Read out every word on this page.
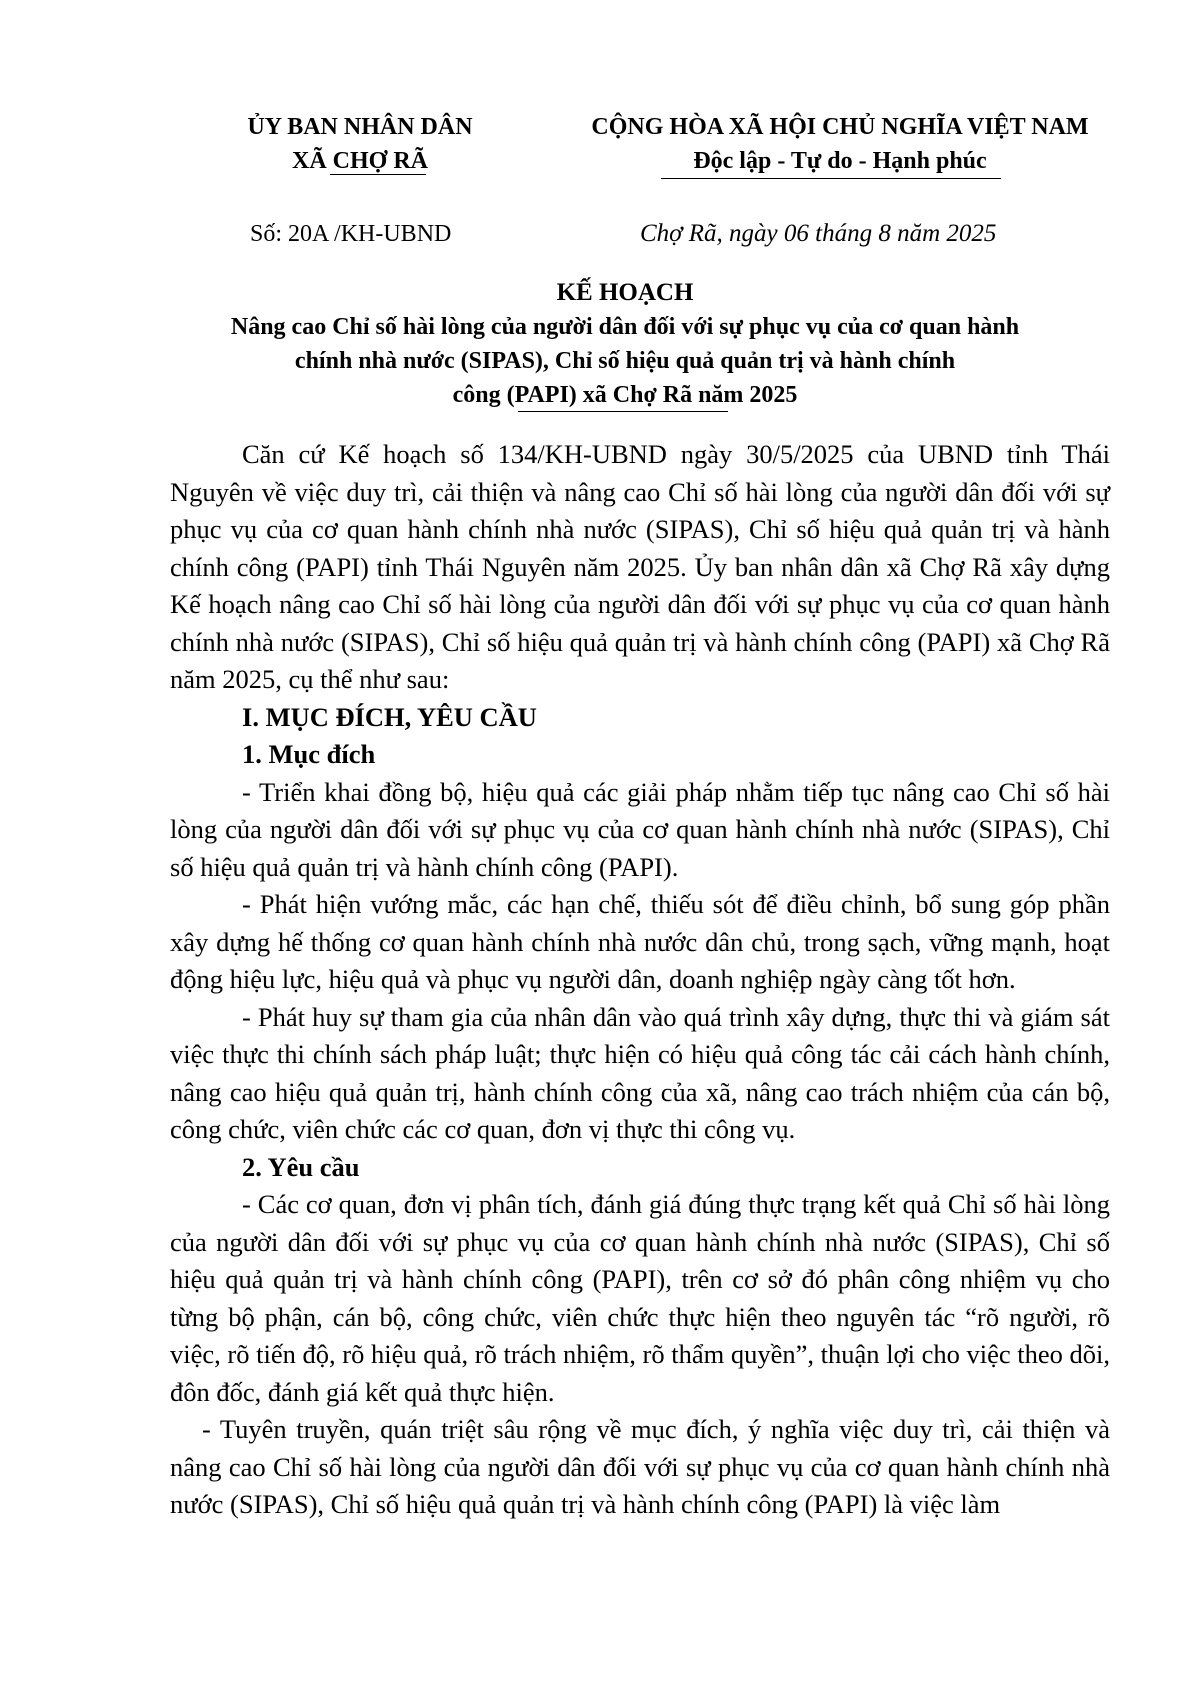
ỦY BAN NHÂN DÂN

XÃ CHỢ RÃ
CỘNG HÒA XÃ HỘI CHỦ NGHĨA VIỆT NAM

Độc lập - Tự do - Hạnh phúc
Số: 20A /KH-UBND	Chợ Rã, ngày 06 tháng 8 năm 2025
KẾ HOẠCH
Nâng cao Chỉ số hài lòng của người dân đối với sự phục vụ của cơ quan hành
chính nhà nước (SIPAS), Chỉ số hiệu quả quản trị và hành chính
công (PAPI) xã Chợ Rã năm 2025

Căn cứ Kế hoạch số 134/KH-UBND ngày 30/5/2025 của UBND tỉnh Thái Nguyên về việc duy trì, cải thiện và nâng cao Chỉ số hài lòng của người dân đối với sự phục vụ của cơ quan hành chính nhà nước (SIPAS), Chỉ số hiệu quả quản trị và hành chính công (PAPI) tỉnh Thái Nguyên năm 2025. Ủy ban nhân dân xã Chợ Rã xây dựng Kế hoạch nâng cao Chỉ số hài lòng của người dân đối với sự phục vụ của cơ quan hành chính nhà nước (SIPAS), Chỉ số hiệu quả quản trị và hành chính công (PAPI) xã Chợ Rã năm 2025, cụ thể như sau:

I. MỤC ĐÍCH, YÊU CẦU

1. Mục đích

- Triển khai đồng bộ, hiệu quả các giải pháp nhằm tiếp tục nâng cao Chỉ số hài lòng của người dân đối với sự phục vụ của cơ quan hành chính nhà nước (SIPAS), Chỉ số hiệu quả quản trị và hành chính công (PAPI).

- Phát hiện vướng mắc, các hạn chế, thiếu sót để điều chỉnh, bổ sung góp phần xây dựng hế thống cơ quan hành chính nhà nước dân chủ, trong sạch, vững mạnh, hoạt động hiệu lực, hiệu quả và phục vụ người dân, doanh nghiệp ngày càng tốt hơn.

- Phát huy sự tham gia của nhân dân vào quá trình xây dựng, thực thi và giám sát việc thực thi chính sách pháp luật; thực hiện có hiệu quả công tác cải cách hành chính, nâng cao hiệu quả quản trị, hành chính công của xã, nâng cao trách nhiệm của cán bộ, công chức, viên chức các cơ quan, đơn vị thực thi công vụ.

2. Yêu cầu

- Các cơ quan, đơn vị phân tích, đánh giá đúng thực trạng kết quả Chỉ số hài lòng của người dân đối với sự phục vụ của cơ quan hành chính nhà nước (SIPAS), Chỉ số hiệu quả quản trị và hành chính công (PAPI), trên cơ sở đó phân công nhiệm vụ cho từng bộ phận, cán bộ, công chức, viên chức thực hiện theo nguyên tác “rõ người, rõ việc, rõ tiến độ, rõ hiệu quả, rõ trách nhiệm, rõ thẩm quyền”, thuận lợi cho việc theo dõi, đôn đốc, đánh giá kết quả thực hiện.

- Tuyên truyền, quán triệt sâu rộng về mục đích, ý nghĩa việc duy trì, cải thiện và nâng cao Chỉ số hài lòng của người dân đối với sự phục vụ của cơ quan hành chính nhà nước (SIPAS), Chỉ số hiệu quả quản trị và hành chính công (PAPI) là việc làm
